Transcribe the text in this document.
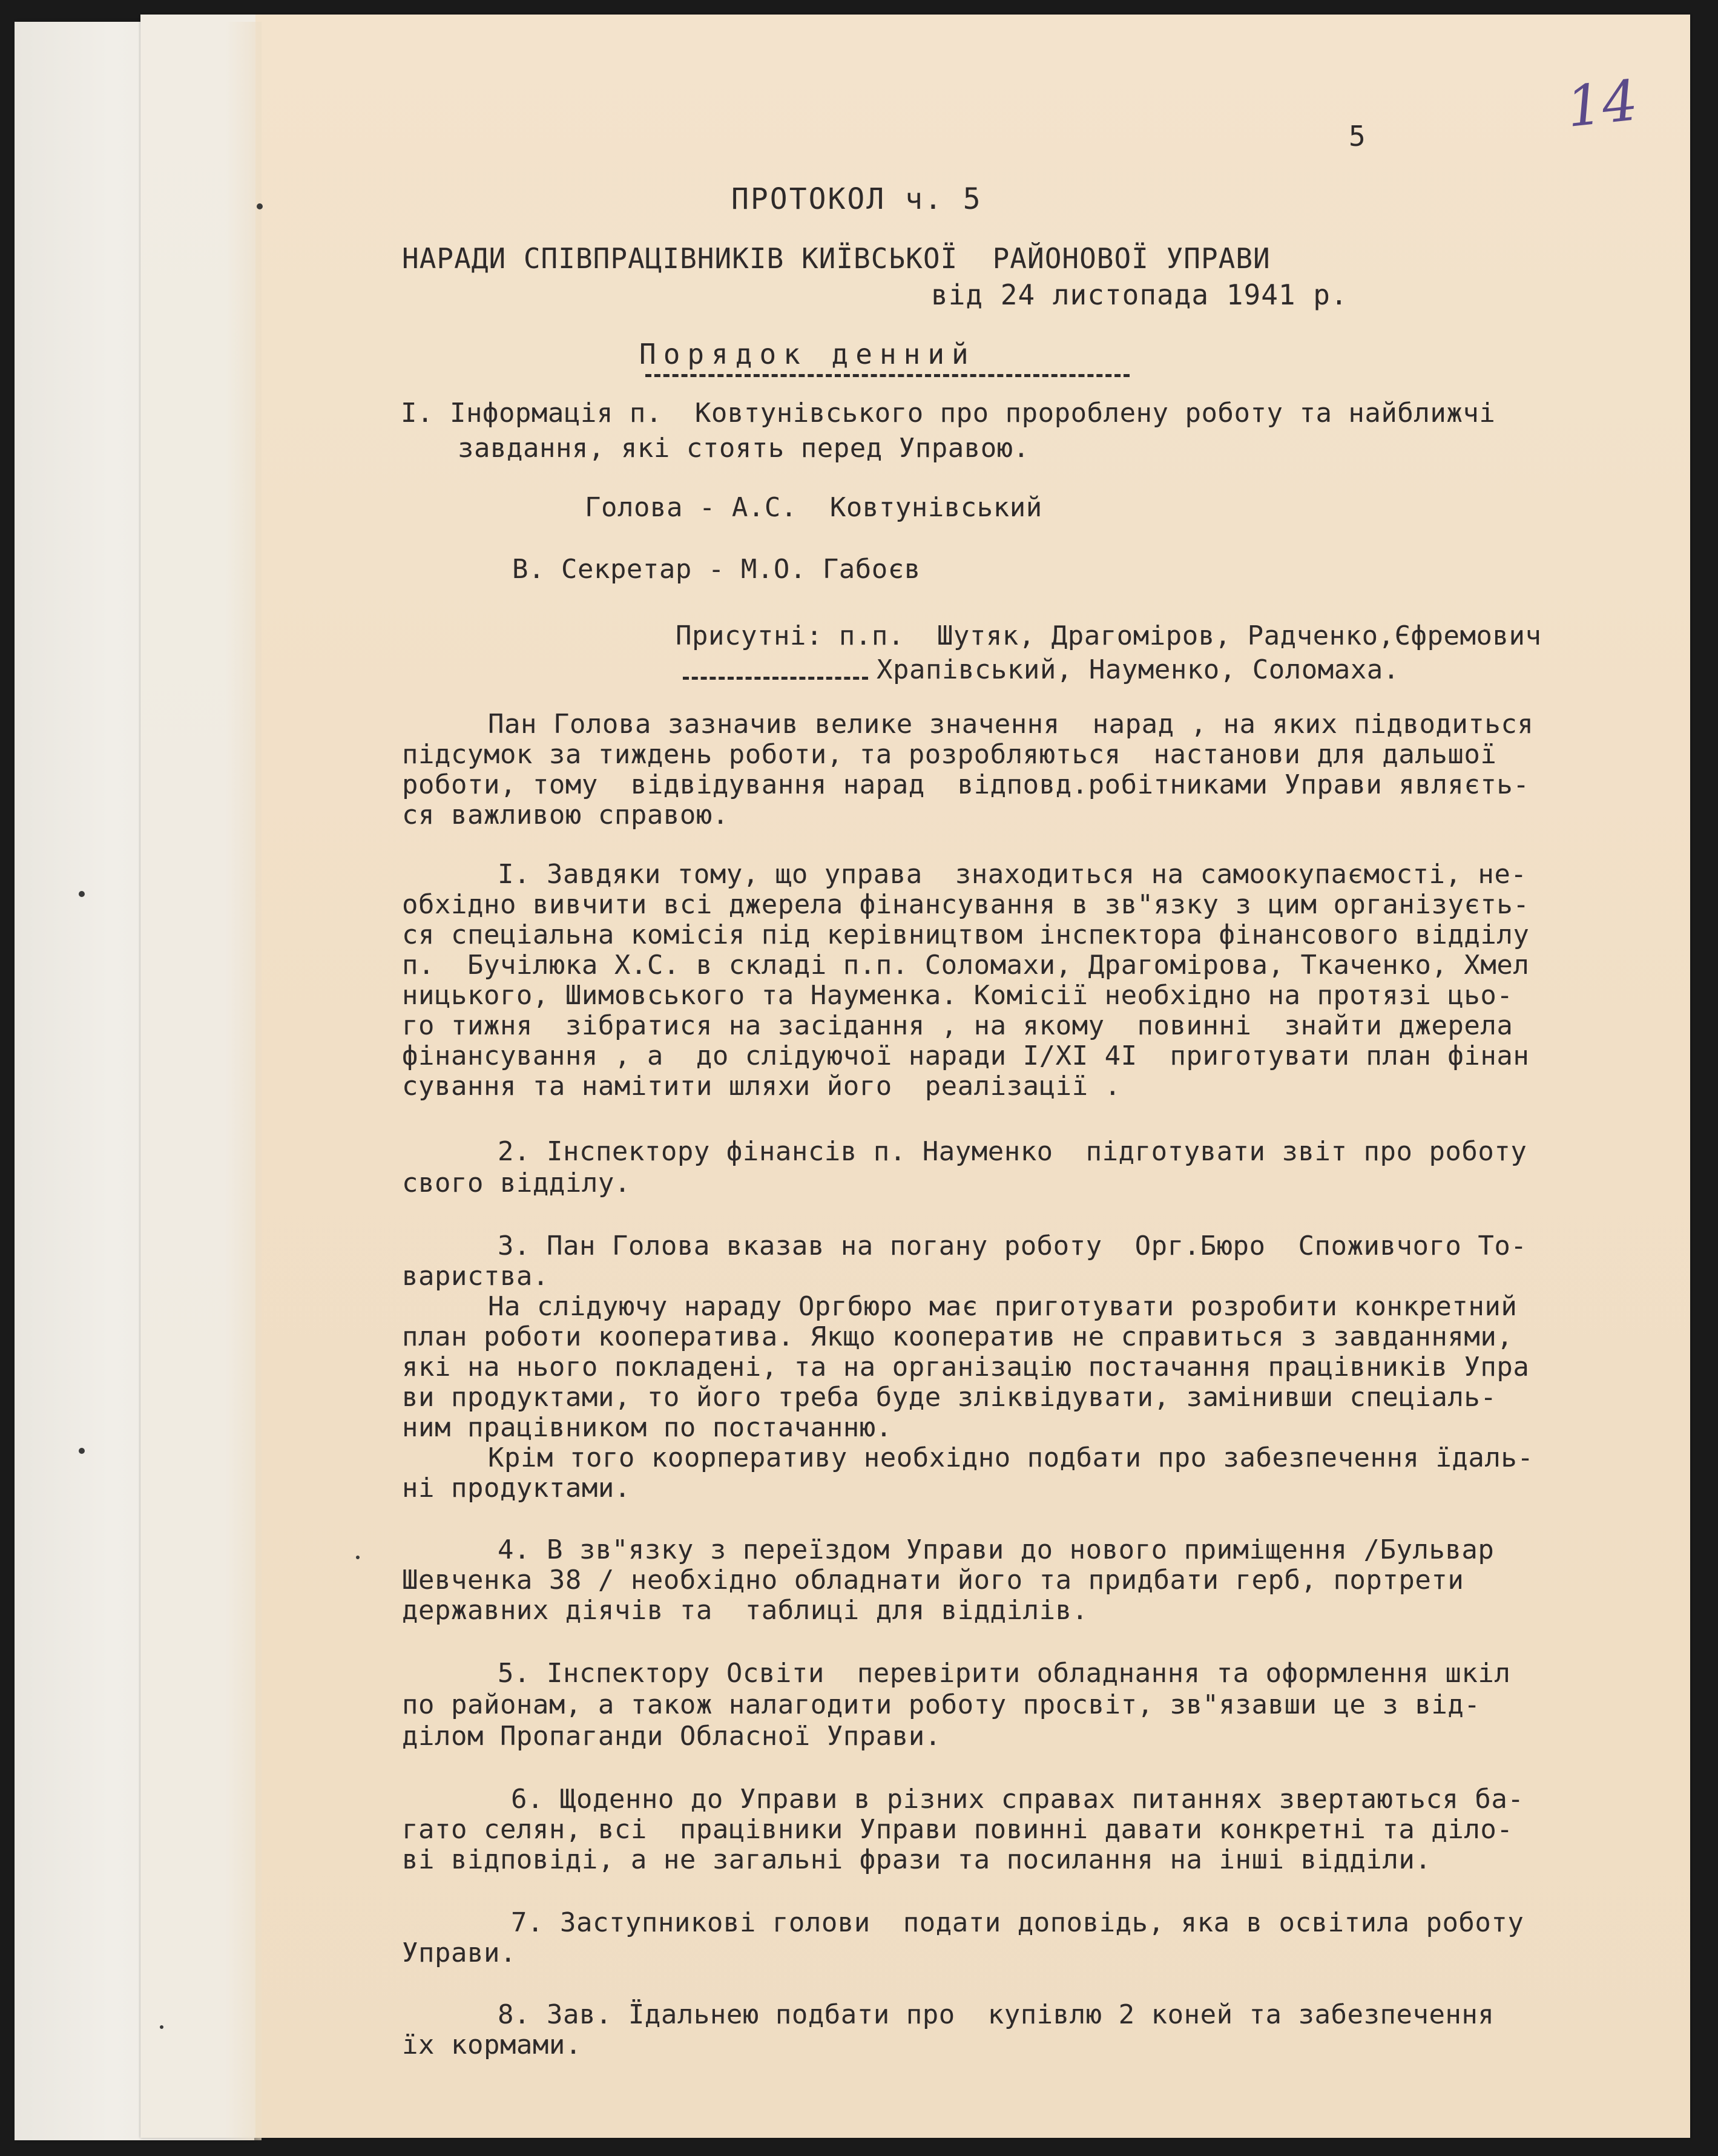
14
5
ПРОТОКОЛ ч. 5
НАРАДИ СПІВПРАЦІВНИКІВ КИЇВСЬКОЇ  РАЙОНОВОЇ УПРАВИ
від 24 листопада 1941 р.
Порядок денний
І. Інформація п.  Ковтунівського про пророблену роботу та найближчі
завдання, які стоять перед Управою.
Голова - А.С.  Ковтунівський
В. Секретар - М.О. Габоєв
Присутні: п.п.  Шутяк, Драгоміров, Радченко,Єфремович
Храпівський, Науменко, Соломаха.
Пан Голова зазначив велике значення  нарад , на яких підводиться
підсумок за тиждень роботи, та розробляються  настанови для дальшої
роботи, тому  відвідування нарад  відповд.робітниками Управи являєть-
ся важливою справою.
І. Завдяки тому, що управа  знаходиться на самоокупаємості, не-
обхідно вивчити всі джерела фінансування в зв"язку з цим організуєть-
ся спеціальна комісія під керівництвом інспектора фінансового відділу
п.  Бучілюка Х.С. в складі п.п. Соломахи, Драгомірова, Ткаченко, Хмел
ницького, Шимовського та Науменка. Комісії необхідно на протязі цьо-
го тижня  зібратися на засідання , на якому  повинні  знайти джерела
фінансування , а  до слідуючої наради І/ХІ 4І  приготувати план фінан
сування та намітити шляхи його  реалізації .
2. Інспектору фінансів п. Науменко  підготувати звіт про роботу
свого відділу.
3. Пан Голова вказав на погану роботу  Орг.Бюро  Споживчого То-
вариства.
На слідуючу нараду Оргбюро має приготувати розробити конкретний
план роботи кооператива. Якщо кооператив не справиться з завданнями,
які на нього покладені, та на організацію постачання працівників Упра
ви продуктами, то його треба буде зліквідувати, замінивши спеціаль-
ним працівником по постачанню.
Крім того коорперативу необхідно подбати про забезпечення їдаль-
ні продуктами.
4. В зв"язку з переїздом Управи до нового приміщення /Бульвар
Шевченка 38 / необхідно обладнати його та придбати герб, портрети
державних діячів та  таблиці для відділів.
5. Інспектору Освіти  перевірити обладнання та оформлення шкіл
по районам, а також налагодити роботу просвіт, зв"язавши це з від-
ділом Пропаганди Обласної Управи.
6. Щоденно до Управи в різних справах питаннях звертаються ба-
гато селян, всі  працівники Управи повинні давати конкретні та ділo-
ві відповіді, а не загальні фрази та посилання на інші відділи.
7. Заступникові голови  подати доповідь, яка в освітила роботу
Управи.
8. Зав. Їдальнею подбати про  купівлю 2 коней та забезпечення
їх кормами.
